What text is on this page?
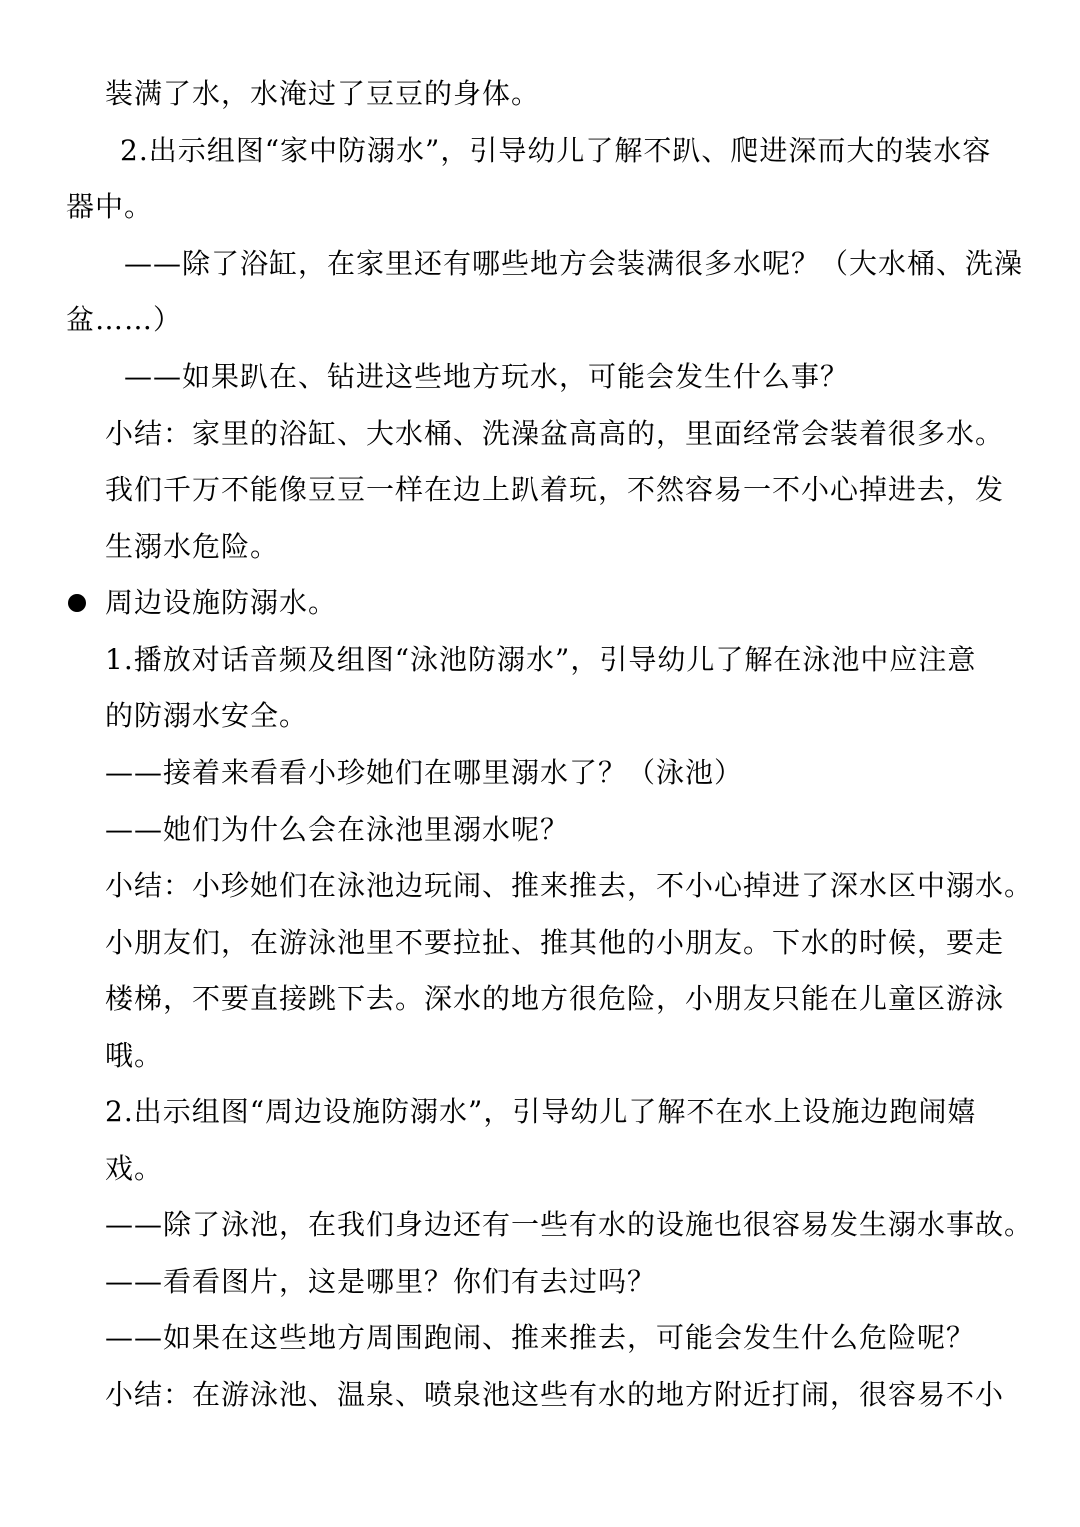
装满了水，水淹过了豆豆的身体。
2.出示组图“家中防溺水”，引导幼儿了解不趴、爬进深而大的装水容
器中。
——除了浴缸，在家里还有哪些地方会装满很多水呢？（大水桶、洗澡
盆……）
——如果趴在、钻进这些地方玩水，可能会发生什么事？
小结：家里的浴缸、大水桶、洗澡盆高高的，里面经常会装着很多水。
我们千万不能像豆豆一样在边上趴着玩，不然容易一不小心掉进去，发
生溺水危险。
周边设施防溺水。
1.播放对话音频及组图“泳池防溺水”，引导幼儿了解在泳池中应注意
的防溺水安全。
——接着来看看小珍她们在哪里溺水了？（泳池）
——她们为什么会在泳池里溺水呢？
小结：小珍她们在泳池边玩闹、推来推去，不小心掉进了深水区中溺水。
小朋友们，在游泳池里不要拉扯、推其他的小朋友。下水的时候，要走
楼梯，不要直接跳下去。深水的地方很危险，小朋友只能在儿童区游泳
哦。
2.出示组图“周边设施防溺水”，引导幼儿了解不在水上设施边跑闹嬉
戏。
——除了泳池，在我们身边还有一些有水的设施也很容易发生溺水事故。
——看看图片，这是哪里？你们有去过吗？
——如果在这些地方周围跑闹、推来推去，可能会发生什么危险呢？
小结：在游泳池、温泉、喷泉池这些有水的地方附近打闹，很容易不小
